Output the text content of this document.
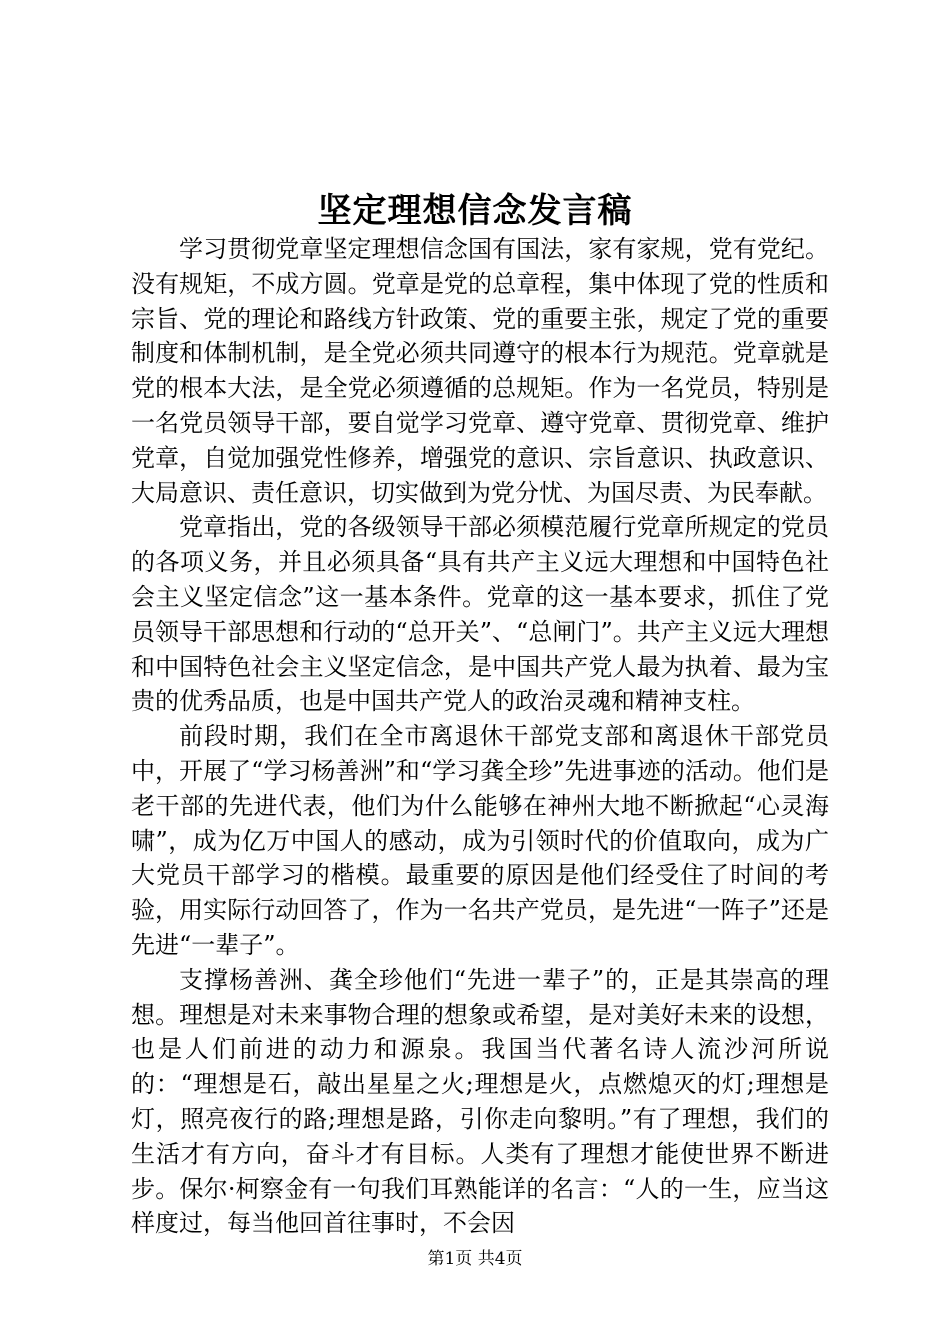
坚定理想信念发言稿

学习贯彻党章坚定理想信念国有国法，家有家规，党有党纪。没有规矩，不成方圆。党章是党的总章程，集中体现了党的性质和宗旨、党的理论和路线方针政策、党的重要主张，规定了党的重要制度和体制机制，是全党必须共同遵守的根本行为规范。党章就是党的根本大法，是全党必须遵循的总规矩。作为一名党员，特别是一名党员领导干部，要自觉学习党章、遵守党章、贯彻党章、维护党章，自觉加强党性修养，增强党的意识、宗旨意识、执政意识、大局意识、责任意识，切实做到为党分忧、为国尽责、为民奉献。

党章指出，党的各级领导干部必须模范履行党章所规定的党员的各项义务，并且必须具备“具有共产主义远大理想和中国特色社会主义坚定信念”这一基本条件。党章的这一基本要求，抓住了党员领导干部思想和行动的“总开关”、“总闸门”。共产主义远大理想和中国特色社会主义坚定信念，是中国共产党人最为执着、最为宝贵的优秀品质，也是中国共产党人的政治灵魂和精神支柱。

前段时期，我们在全市离退休干部党支部和离退休干部党员中，开展了“学习杨善洲”和“学习龚全珍”先进事迹的活动。他们是老干部的先进代表，他们为什么能够在神州大地不断掀起“心灵海啸”，成为亿万中国人的感动，成为引领时代的价值取向，成为广大党员干部学习的楷模。最重要的原因是他们经受住了时间的考验，用实际行动回答了，作为一名共产党员，是先进“一阵子”还是先进“一辈子”。

支撑杨善洲、龚全珍他们“先进一辈子”的，正是其崇高的理想。理想是对未来事物合理的想象或希望，是对美好未来的设想，也是人们前进的动力和源泉。我国当代著名诗人流沙河所说的：“理想是石，敲出星星之火;理想是火，点燃熄灭的灯;理想是灯，照亮夜行的路;理想是路，引你走向黎明。”有了理想，我们的生活才有方向，奋斗才有目标。人类有了理想才能使世界不断进步。保尔·柯察金有一句我们耳熟能详的名言：“人的一生，应当这样度过，每当他回首往事时，不会因

第1页 共4页
